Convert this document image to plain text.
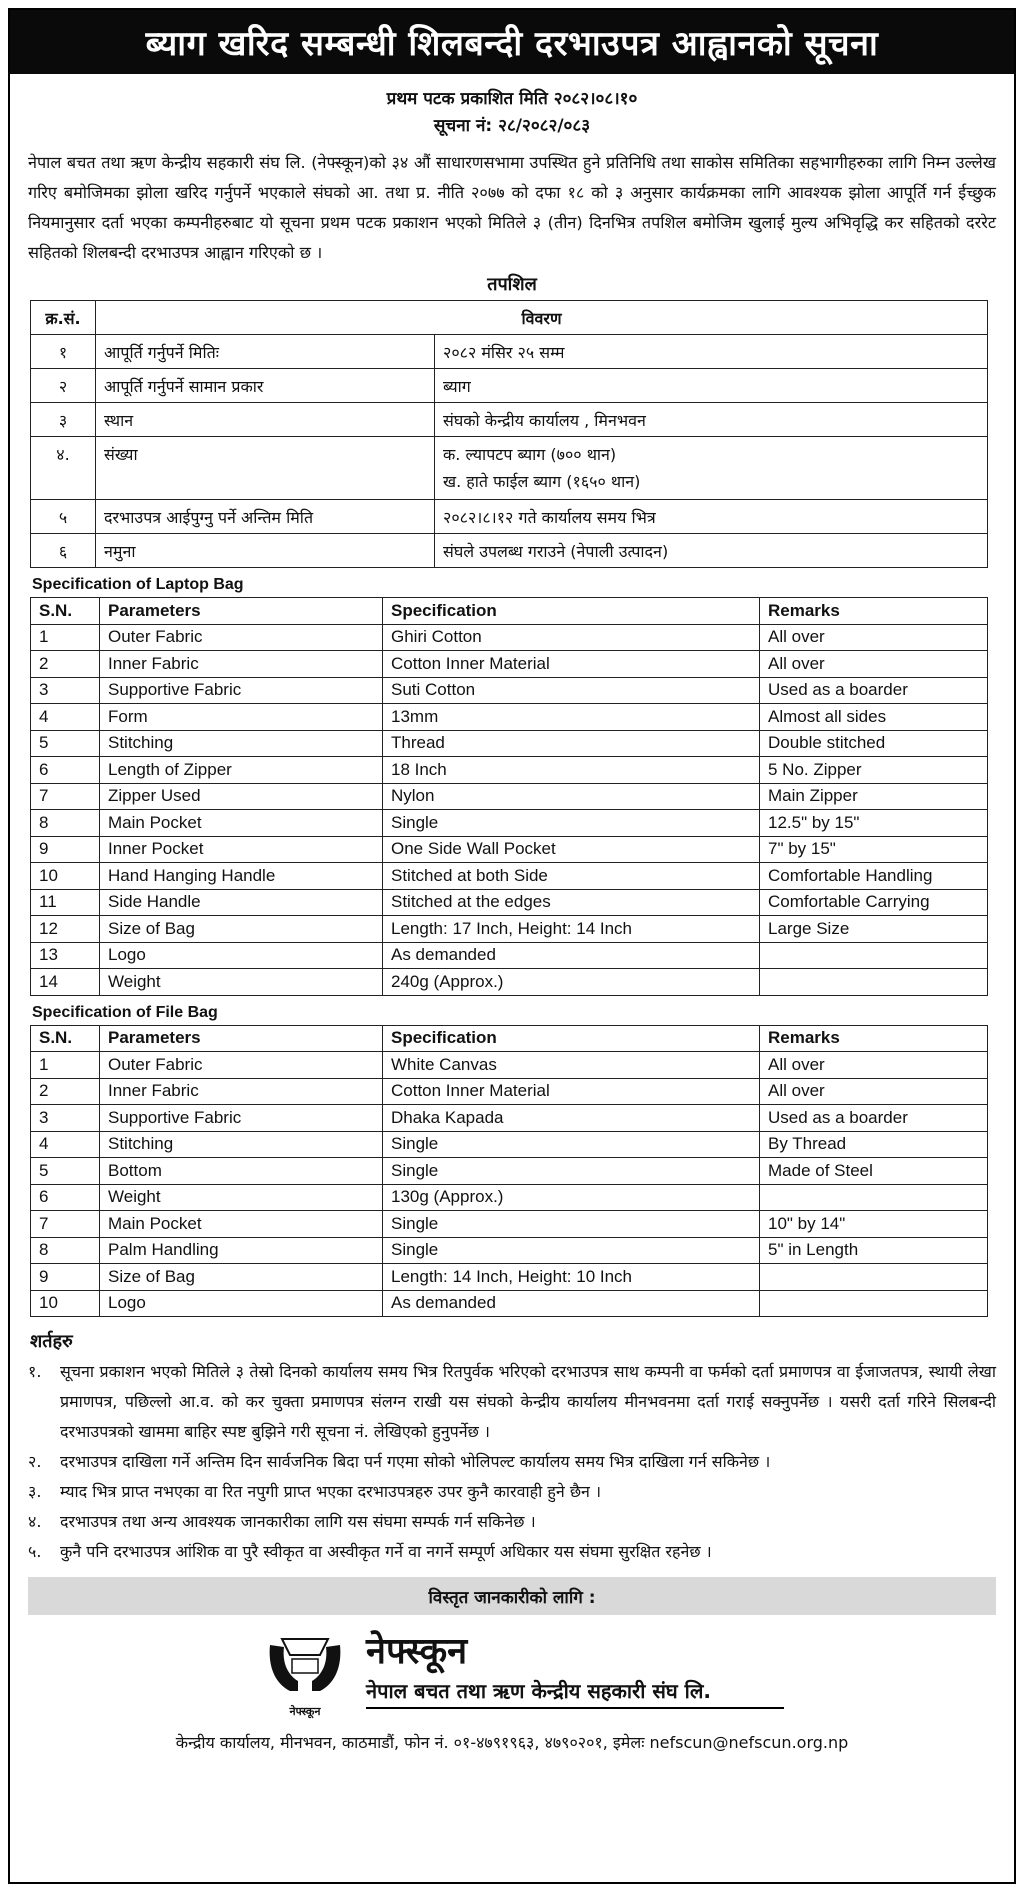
ब्याग खरिद सम्बन्धी शिलबन्दी दरभाउपत्र आह्वानको सूचना
प्रथम पटक प्रकाशित मिति २०८२।०८।१०
सूचना नं: २८/२०८२/०८३

नेपाल बचत तथा ऋण केन्द्रीय सहकारी संघ लि. (नेफ्स्कून)को ३४ औं साधारणसभामा उपस्थित हुने प्रतिनिधि तथा साकोस समितिका सहभागीहरुका लागि निम्न उल्लेख गरिए बमोजिमका झोला खरिद गर्नुपर्ने भएकाले संघको आ. तथा प्र. नीति २०७७ को दफा १८ को ३ अनुसार कार्यक्रमका लागि आवश्यक झोला आपूर्ति गर्न ईच्छुक नियमानुसार दर्ता भएका कम्पनीहरुबाट यो सूचना प्रथम पटक प्रकाशन भएको मितिले ३ (तीन) दिनभित्र तपशिल बमोजिम खुलाई मुल्य अभिवृद्धि कर सहितको दररेट सहितको शिलबन्दी दरभाउपत्र आह्वान गरिएको छ ।

तपशिल
क्र.सं.	विवरण	
१	आपूर्ति गर्नुपर्ने मितिः	२०८२ मंसिर २५ सम्म
२	आपूर्ति गर्नुपर्ने सामान प्रकार	ब्याग
३	स्थान	संघको केन्द्रीय कार्यालय , मिनभवन
४.	संख्या	क. ल्यापटप ब्याग (७०० थान)
ख. हाते फाईल ब्याग (१६५० थान)

५	दरभाउपत्र आईपुग्नु पर्ने अन्तिम मिति	२०८२।८।१२ गते कार्यालय समय भित्र
६	नमुना	संघले उपलब्ध गराउने (नेपाली उत्पादन)
Specification of Laptop Bag
S.N.	Parameters	Specification	Remarks
1	Outer Fabric	Ghiri Cotton	All over
2	Inner Fabric	Cotton Inner Material	All over
3	Supportive Fabric	Suti Cotton	Used as a boarder
4	Form	13mm	Almost all sides
5	Stitching	Thread	Double stitched
6	Length of Zipper	18 Inch	5 No. Zipper
7	Zipper Used	Nylon	Main Zipper
8	Main Pocket	Single	12.5" by 15"
9	Inner Pocket	One Side Wall Pocket	7" by 15"
10	Hand Hanging Handle	Stitched at both Side	Comfortable Handling
11	Side Handle	Stitched at the edges	Comfortable Carrying
12	Size of Bag	Length: 17 Inch, Height: 14 Inch	Large Size
13	Logo	As demanded	
14	Weight	240g (Approx.)	
Specification of File Bag
S.N.	Parameters	Specification	Remarks
1	Outer Fabric	White Canvas	All over
2	Inner Fabric	Cotton Inner Material	All over
3	Supportive Fabric	Dhaka Kapada	Used as a boarder
4	Stitching	Single	By Thread
5	Bottom	Single	Made of Steel
6	Weight	130g (Approx.)	
7	Main Pocket	Single	10" by 14"
8	Palm Handling	Single	5" in Length
9	Size of Bag	Length: 14 Inch, Height: 10 Inch	
10	Logo	As demanded	
शर्तहरु
१.	सूचना प्रकाशन भएको मितिले ३ तेस्रो दिनको कार्यालय समय भित्र रितपुर्वक भरिएको दरभाउपत्र साथ कम्पनी वा फर्मको दर्ता प्रमाणपत्र वा ईजाजतपत्र, स्थायी लेखा प्रमाणपत्र, पछिल्लो आ.व. को कर चुक्ता प्रमाणपत्र संलग्न राखी यस संघको केन्द्रीय कार्यालय मीनभवनमा दर्ता गराई सक्नुपर्नेछ । यसरी दर्ता गरिने सिलबन्दी दरभाउपत्रको खाममा बाहिर स्पष्ट बुझिने गरी सूचना नं. लेखिएको हुनुपर्नेछ ।
२.	दरभाउपत्र दाखिला गर्ने अन्तिम दिन सार्वजनिक बिदा पर्न गएमा सोको भोलिपल्ट कार्यालय समय भित्र दाखिला गर्न सकिनेछ ।
३.	म्याद भित्र प्राप्त नभएका वा रित नपुगी प्राप्त भएका दरभाउपत्रहरु उपर कुनै कारवाही हुने छैन ।
४.	दरभाउपत्र तथा अन्य आवश्यक जानकारीका लागि यस संघमा सम्पर्क गर्न सकिनेछ ।
५.	कुनै पनि दरभाउपत्र आंशिक वा पुरै स्वीकृत वा अस्वीकृत गर्ने वा नगर्ने सम्पूर्ण अधिकार यस संघमा सुरक्षित रहनेछ ।
विस्तृत जानकारीको लागि :
नेफ्स्कून
नेफ्स्कून
नेपाल बचत तथा ऋण केन्द्रीय सहकारी संघ लि.
केन्द्रीय कार्यालय, मीनभवन, काठमाडौं, फोन नं. ०१-४७९१९६३, ४७९०२०१, इमेलः nefscun@nefscun.org.np
